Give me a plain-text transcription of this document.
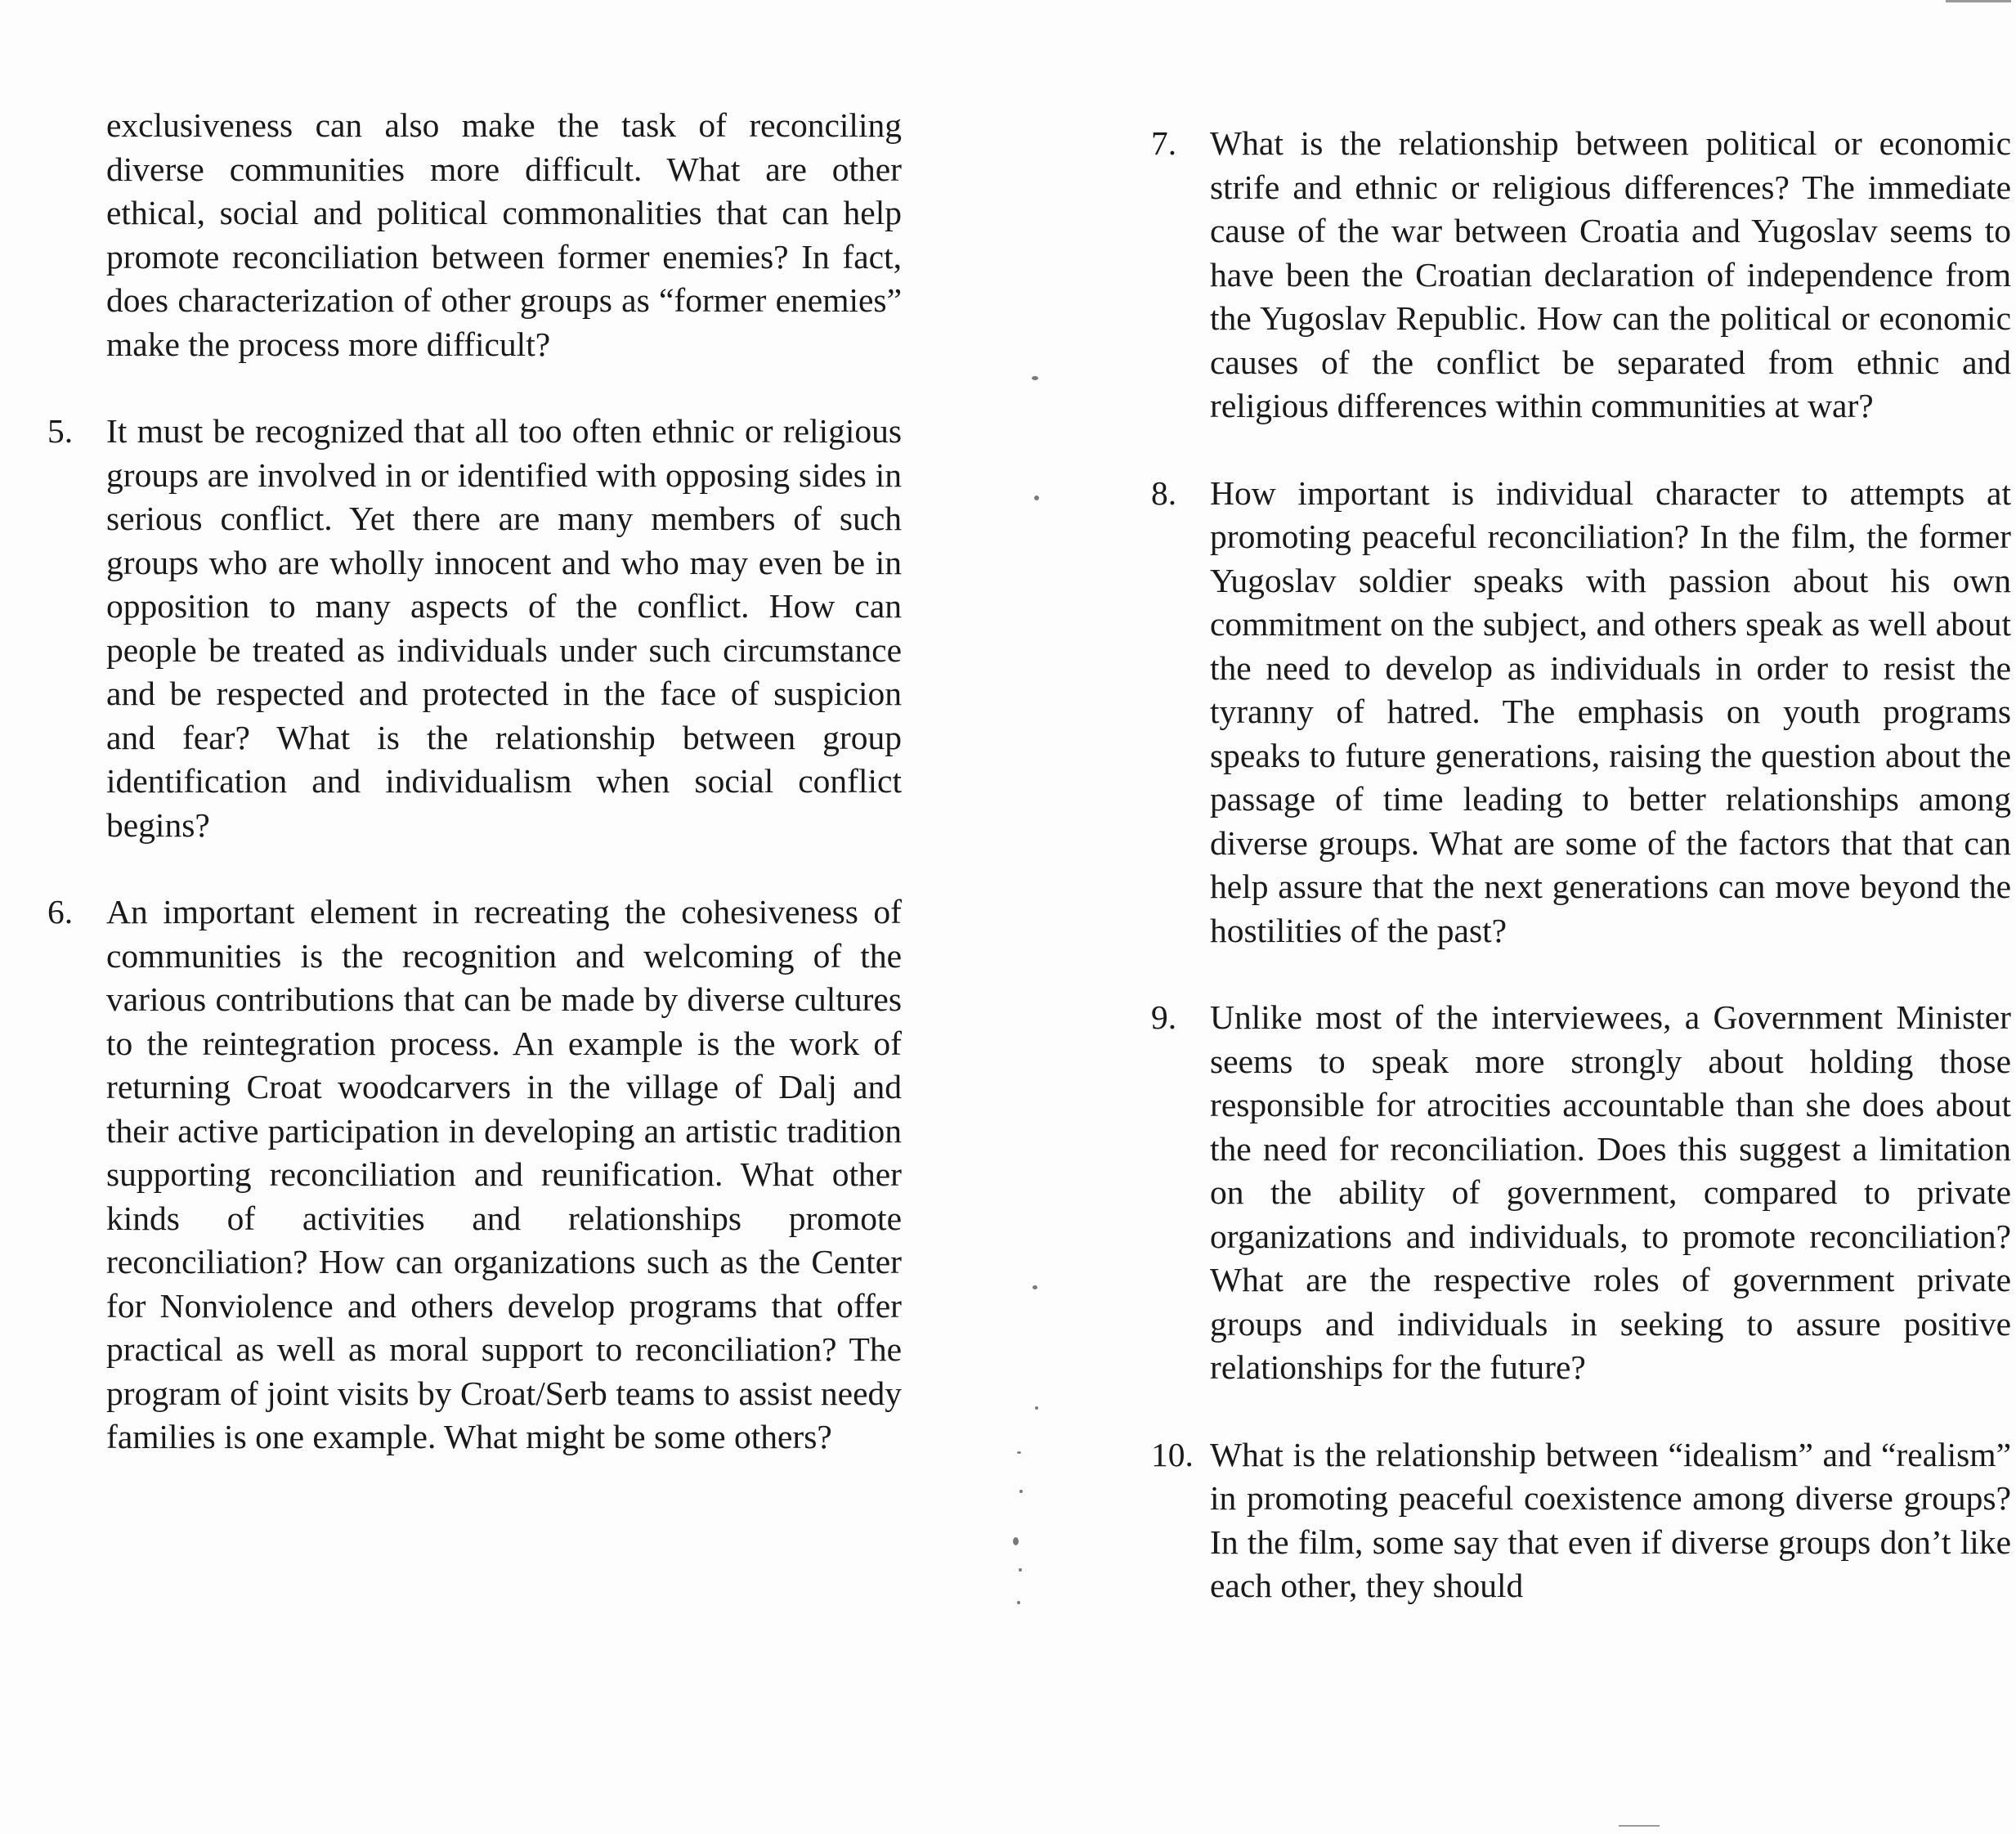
exclusiveness can also make the task of reconciling diverse communities more difficult. What are other ethical, social and political commonalities that can help promote reconciliation between former enemies? In fact, does characterization of other groups as “former enemies” make the process more difficult?
5. It must be recognized that all too often ethnic or religious groups are involved in or identified with opposing sides in serious conflict. Yet there are many members of such groups who are wholly innocent and who may even be in opposition to many aspects of the conflict. How can people be treated as individuals under such circumstance and be respected and protected in the face of suspicion and fear? What is the relationship between group identification and individualism when social conflict begins?
6. An important element in recreating the cohesiveness of communities is the recognition and welcoming of the various contributions that can be made by diverse cultures to the reintegration process. An example is the work of returning Croat woodcarvers in the village of Dalj and their active participation in developing an artistic tradition supporting reconciliation and reunification. What other kinds of activities and relationships promote reconciliation? How can organizations such as the Center for Nonviolence and others develop programs that offer practical as well as moral support to reconciliation? The program of joint visits by Croat/Serb teams to assist needy families is one example. What might be some others?
7. What is the relationship between political or economic strife and ethnic or religious differences? The immediate cause of the war between Croatia and Yugoslav seems to have been the Croatian declaration of independence from the Yugoslav Republic. How can the political or economic causes of the conflict be separated from ethnic and religious differences within communities at war?
8. How important is individual character to attempts at promoting peaceful reconciliation? In the film, the former Yugoslav soldier speaks with passion about his own commitment on the subject, and others speak as well about the need to develop as individuals in order to resist the tyranny of hatred. The emphasis on youth programs speaks to future generations, raising the question about the passage of time leading to better relationships among diverse groups. What are some of the factors that that can help assure that the next generations can move beyond the hostilities of the past?
9. Unlike most of the interviewees, a Government Minister seems to speak more strongly about holding those responsible for atrocities accountable than she does about the need for reconciliation. Does this suggest a limitation on the ability of government, compared to private organizations and individuals, to promote reconciliation? What are the respective roles of government private groups and individuals in seeking to assure positive relationships for the future?
10. What is the relationship between “idealism” and “realism” in promoting peaceful coexistence among diverse groups? In the film, some say that even if diverse groups don’t like each other, they should
